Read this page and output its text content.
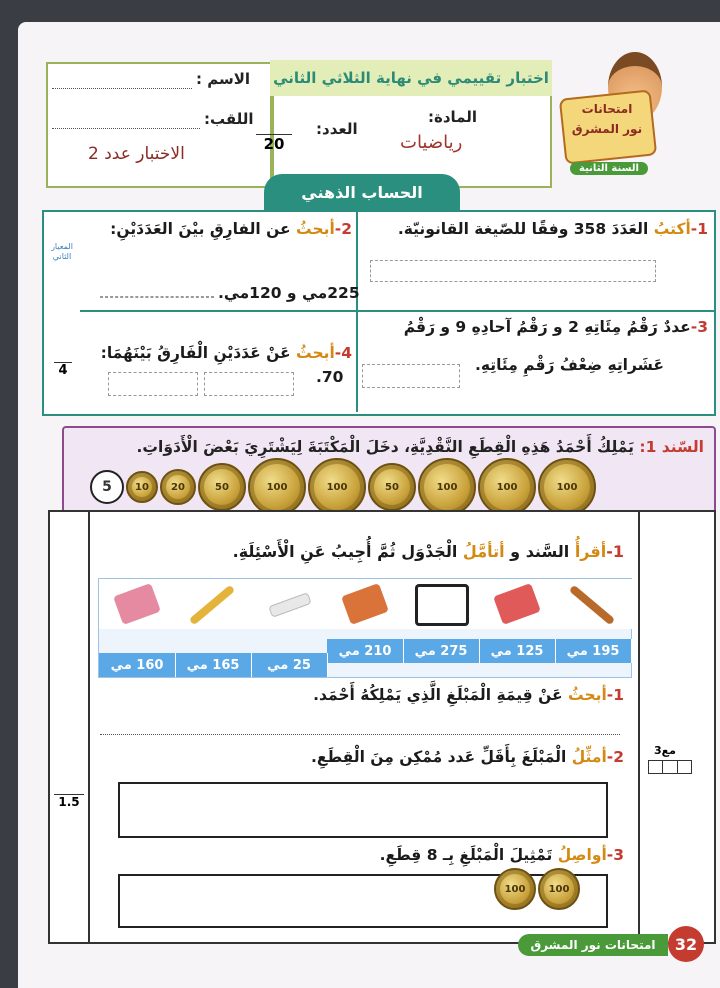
الاسم :
اللقب:
الاختبار عدد 2
اختبار تقييمي في نهاية الثلاثي الثاني
العدد:
20
المادة:
رياضيات
امتحانات
نور المشرق
السنة الثانية
الحساب الذهني
المعيار الثاني
4
1-أكتبُ العَدَدَ 358 وفقًا للصّيغة القانونيّة.
2-أبحثُ عن الفارِقِ بيْنَ العَدَدَيْنِ:
225مي و 120مي.
3-عددٌ رَقْمُ مِئَاتِهِ 2 و رَقْمُ آحادِهِ 9 و رَقْمُ
عَشَراتِهِ ضِعْفُ رَقْمِ مِئَاتِهِ.
4-أبحثُ عَنْ عَدَدَيْنِ الْفَارِقُ بَيْنَهُمَا:
70.
السّند 1: يَمْلِكُ أَحْمَدُ هَذِهِ الْقِطَعِ النَّقْدِيَّةِ، دخَلَ الْمَكْتَبَةَ لِيَشْتَرِيَ بَعْضَ الْأَدَوَاتِ.
100
100
100
50
100
100
50
20
10
5
1-أقرأُ السَّند و أتأمَّلُ الْجَدْوَل ثُمَّ أُجِيبُ عَنِ الْأَسْئِلَةِ.
195 مي
125 مي
275 مي
210 مي
25 مي
165 مي
160 مي
1-أبحثُ عَنْ قِيمَةِ الْمَبْلَغِ الَّذِي يَمْلِكُهُ أَحْمَد.
2-أمثِّلُ الْمَبْلَغَ بِأَقَلِّ عَدد مُمْكِن مِنَ الْقِطَعِ.
3-أواصِلُ تَمْثِيلَ الْمَبْلَغِ بِـ 8 قِطَعِ.
100
100
مع3
1.5
امتحانات نور المشرق	32
